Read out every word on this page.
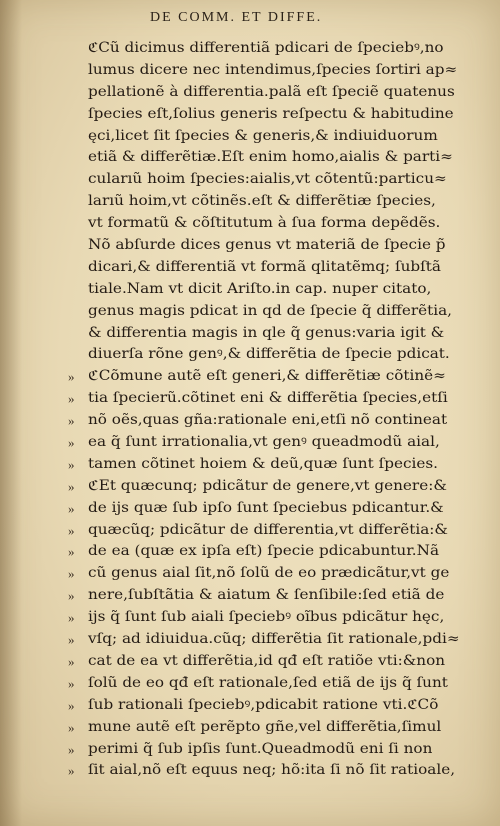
DE COMM. ET DIFFE.
ℭCũ dicimus differentiã pdicari de ſpeciebꝰ,no
lumus dicere nec intendimus,ſpecies ſortiri ap≈
pellationẽ à differentia.palã eſt ſpeciẽ quatenus
ſpecies eſt,ſolius generis reſpectu & habitudine
ęci,licet ſit ſpecies & generis,& indiuiduorum
etiã & differẽtiæ.Eſt enim homo,aialis & parti≈
cularıũ hoim ſpecies:aialis,vt cõtentũ:particu≈
larıũ hoim,vt cõtinẽs.eſt & differẽtiæ ſpecies,
vt formatũ & cõſtitutum à ſua forma depẽdẽs.
Nõ abſurde dices genus vt materiã de ſpecie p̃
dicari,& differentiã vt formã qlitatẽmq; ſubſtã
tiale.Nam vt dicit Ariſto.in cap. nuper citato,
genus magis pdicat in qd de ſpecie q̃ differẽtia,
& differentia magis in qle q̃ genus:varia igit &
diuerſa rõne genꝰ,& differẽtia de ſpecie pdicat.
» ℭCõmune autẽ eſt generi,& differẽtiæ cõtinẽ≈
» tia ſpecierũ.cõtinet eni & differẽtia ſpecies,etſi
» nõ oẽs,quas gña:rationale eni,etſi nõ contineat
» ea q̃ ſunt irrationalia,vt genꝰ queadmodũ aial,
» tamen cõtinet hoiem & deũ,quæ ſunt ſpecies.
» ℭEt quæcunq; pdicãtur de genere,vt genere:&
» de ijs quæ ſub ipſo ſunt ſpeciebus pdicantur.&
» quæcũq; pdicãtur de differentia,vt differẽtia:&
» de ea (quæ ex ipſa eſt) ſpecie pdicabuntur.Nã
» cũ genus aial ſit,nõ ſolũ de eo prædicãtur,vt ge
» nere,ſubſtãtia & aiatum & ſenſibile:ſed etiã de
» ijs q̃ ſunt ſub aiali ſpeciebꝰ oĩbus pdicãtur hęc,
» vſq; ad idiuidua.cũq; differẽtia ſit rationale,pdi≈
» cat de ea vt differẽtia,id qđ eſt ratiõe vti:&non
» ſolũ de eo qđ eſt rationale,ſed etiã de ijs q̃ ſunt
» ſub rationali ſpeciebꝰ,pdicabit ratione vti.ℭCõ
» mune autẽ eſt perẽpto gñe,vel differẽtia,ſimul
» perimi q̃ ſub ipſis ſunt.Queadmodũ eni ſi non
» ſit aial,nõ eſt equus neq; hõ:ita ſi nõ ſit ratioale,
